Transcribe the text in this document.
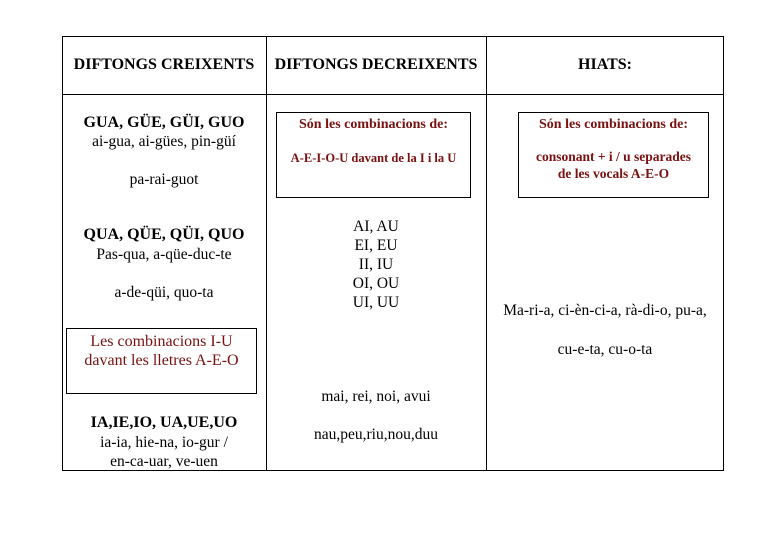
DIFTONGS CREIXENTS	DIFTONGS DECREIXENTS	HIATS:
GUA, GÜE, GÜI, GUO
ai-gua, ai-gües, pin-güí
pa-rai-guot
QUA, QÜE, QÜI, QUO
Pas-qua, a-qüe-duc-te
a-de-qüi, quo-ta
Les combinacions I-U
davant les lletres A-E-O
IA,IE,IO, UA,UE,UO
ia-ia, hie-na, io-gur /
en-ca-uar, ve-uen
Són les combinacions de:
A-E-I-O-U davant de la I i la U
AI, AU
EI, EU
II, IU
OI, OU
UI, UU
mai, rei, noi, avui
nau,peu,riu,nou,duu
Són les combinacions de:
consonant + i / u separades
de les vocals A-E-O
Ma-ri-a, ci-èn-ci-a, rà-di-o, pu-a,
cu-e-ta, cu-o-ta
